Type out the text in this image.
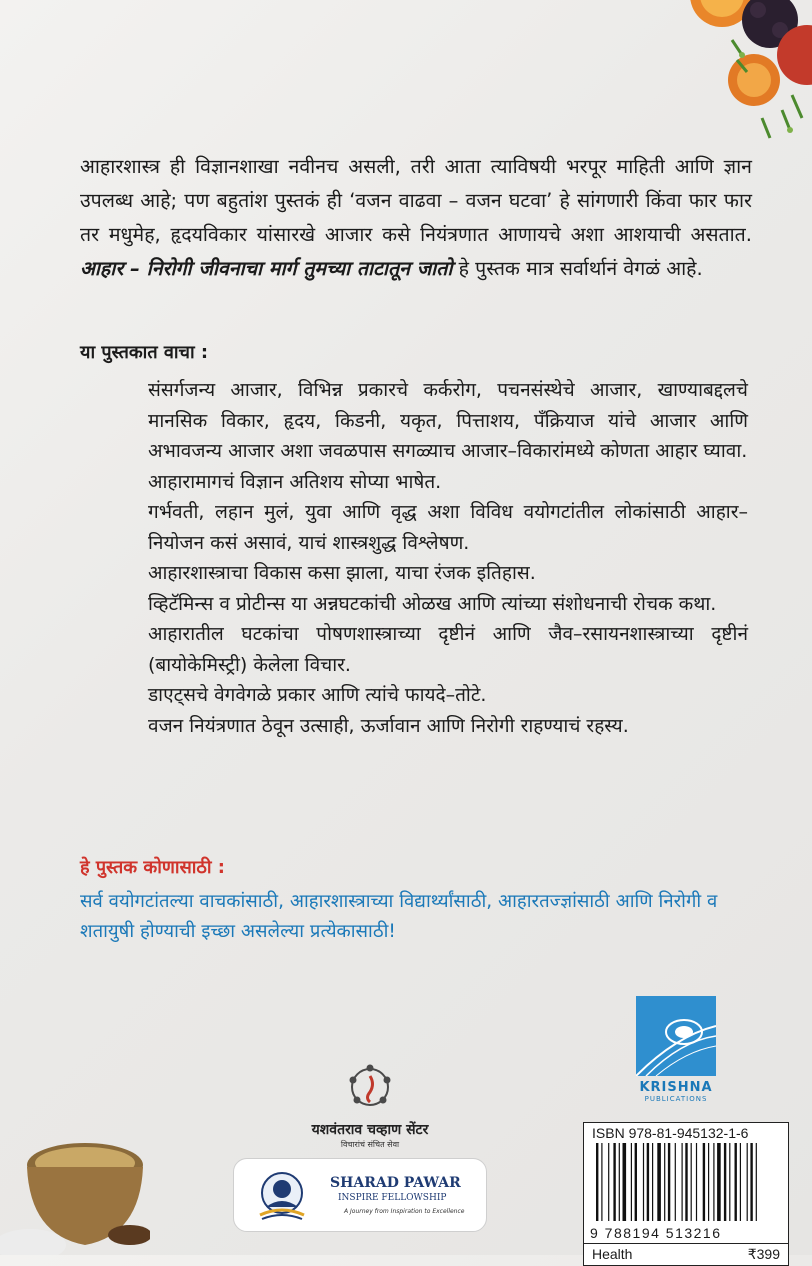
आहारशास्त्र ही विज्ञानशाखा नवीनच असली, तरी आता त्याविषयी भरपूर माहिती आणि ज्ञान उपलब्ध आहे; पण बहुतांश पुस्तकं ही ‘वजन वाढवा – वजन घटवा’ हे सांगणारी किंवा फार फार तर मधुमेह, हृदयविकार यांसारखे आजार कसे नियंत्रणात आणायचे अशा आशयाची असतात. आहार – निरोगी जीवनाचा मार्ग तुमच्या ताटातून जातो हे पुस्तक मात्र सर्वार्थानं वेगळं आहे.
या पुस्तकात वाचा :
संसर्गजन्य आजार, विभिन्न प्रकारचे कर्करोग, पचनसंस्थेचे आजार, खाण्याबद्दलचे मानसिक विकार, हृदय, किडनी, यकृत, पित्ताशय, पँक्रियाज यांचे आजार आणि अभावजन्य आजार अशा जवळपास सगळ्याच आजार–विकारांमध्ये कोणता आहार घ्यावा.
आहारामागचं विज्ञान अतिशय सोप्या भाषेत.
गर्भवती, लहान मुलं, युवा आणि वृद्ध अशा विविध वयोगटांतील लोकांसाठी आहार–नियोजन कसं असावं, याचं शास्त्रशुद्ध विश्लेषण.
आहारशास्त्राचा विकास कसा झाला, याचा रंजक इतिहास.
व्हिटॅमिन्स व प्रोटीन्स या अन्नघटकांची ओळख आणि त्यांच्या संशोधनाची रोचक कथा.
आहारातील घटकांचा पोषणशास्त्राच्या दृष्टीनं आणि जैव–रसायनशास्त्राच्या दृष्टीनं (बायोकेमिस्ट्री) केलेला विचार.
डाएट्सचे वेगवेगळे प्रकार आणि त्यांचे फायदे–तोटे.
वजन नियंत्रणात ठेवून उत्साही, ऊर्जावान आणि निरोगी राहण्याचं रहस्य.
हे पुस्तक कोणासाठी :
सर्व वयोगटांतल्या वाचकांसाठी, आहारशास्त्राच्या विद्यार्थ्यांसाठी, आहारतज्ज्ञांसाठी आणि निरोगी व शतायुषी होण्याची इच्छा असलेल्या प्रत्येकासाठी!
KRISHNA
PUBLICATIONS
यशवंतराव चव्हाण सेंटर
विचारांचं संचित सेवा
SHARAD PAWAR
INSPIRE FELLOWSHIP
A Journey from Inspiration to Excellence
ISBN 978-81-945132-1-6
9 788194 513216
Health	₹399
